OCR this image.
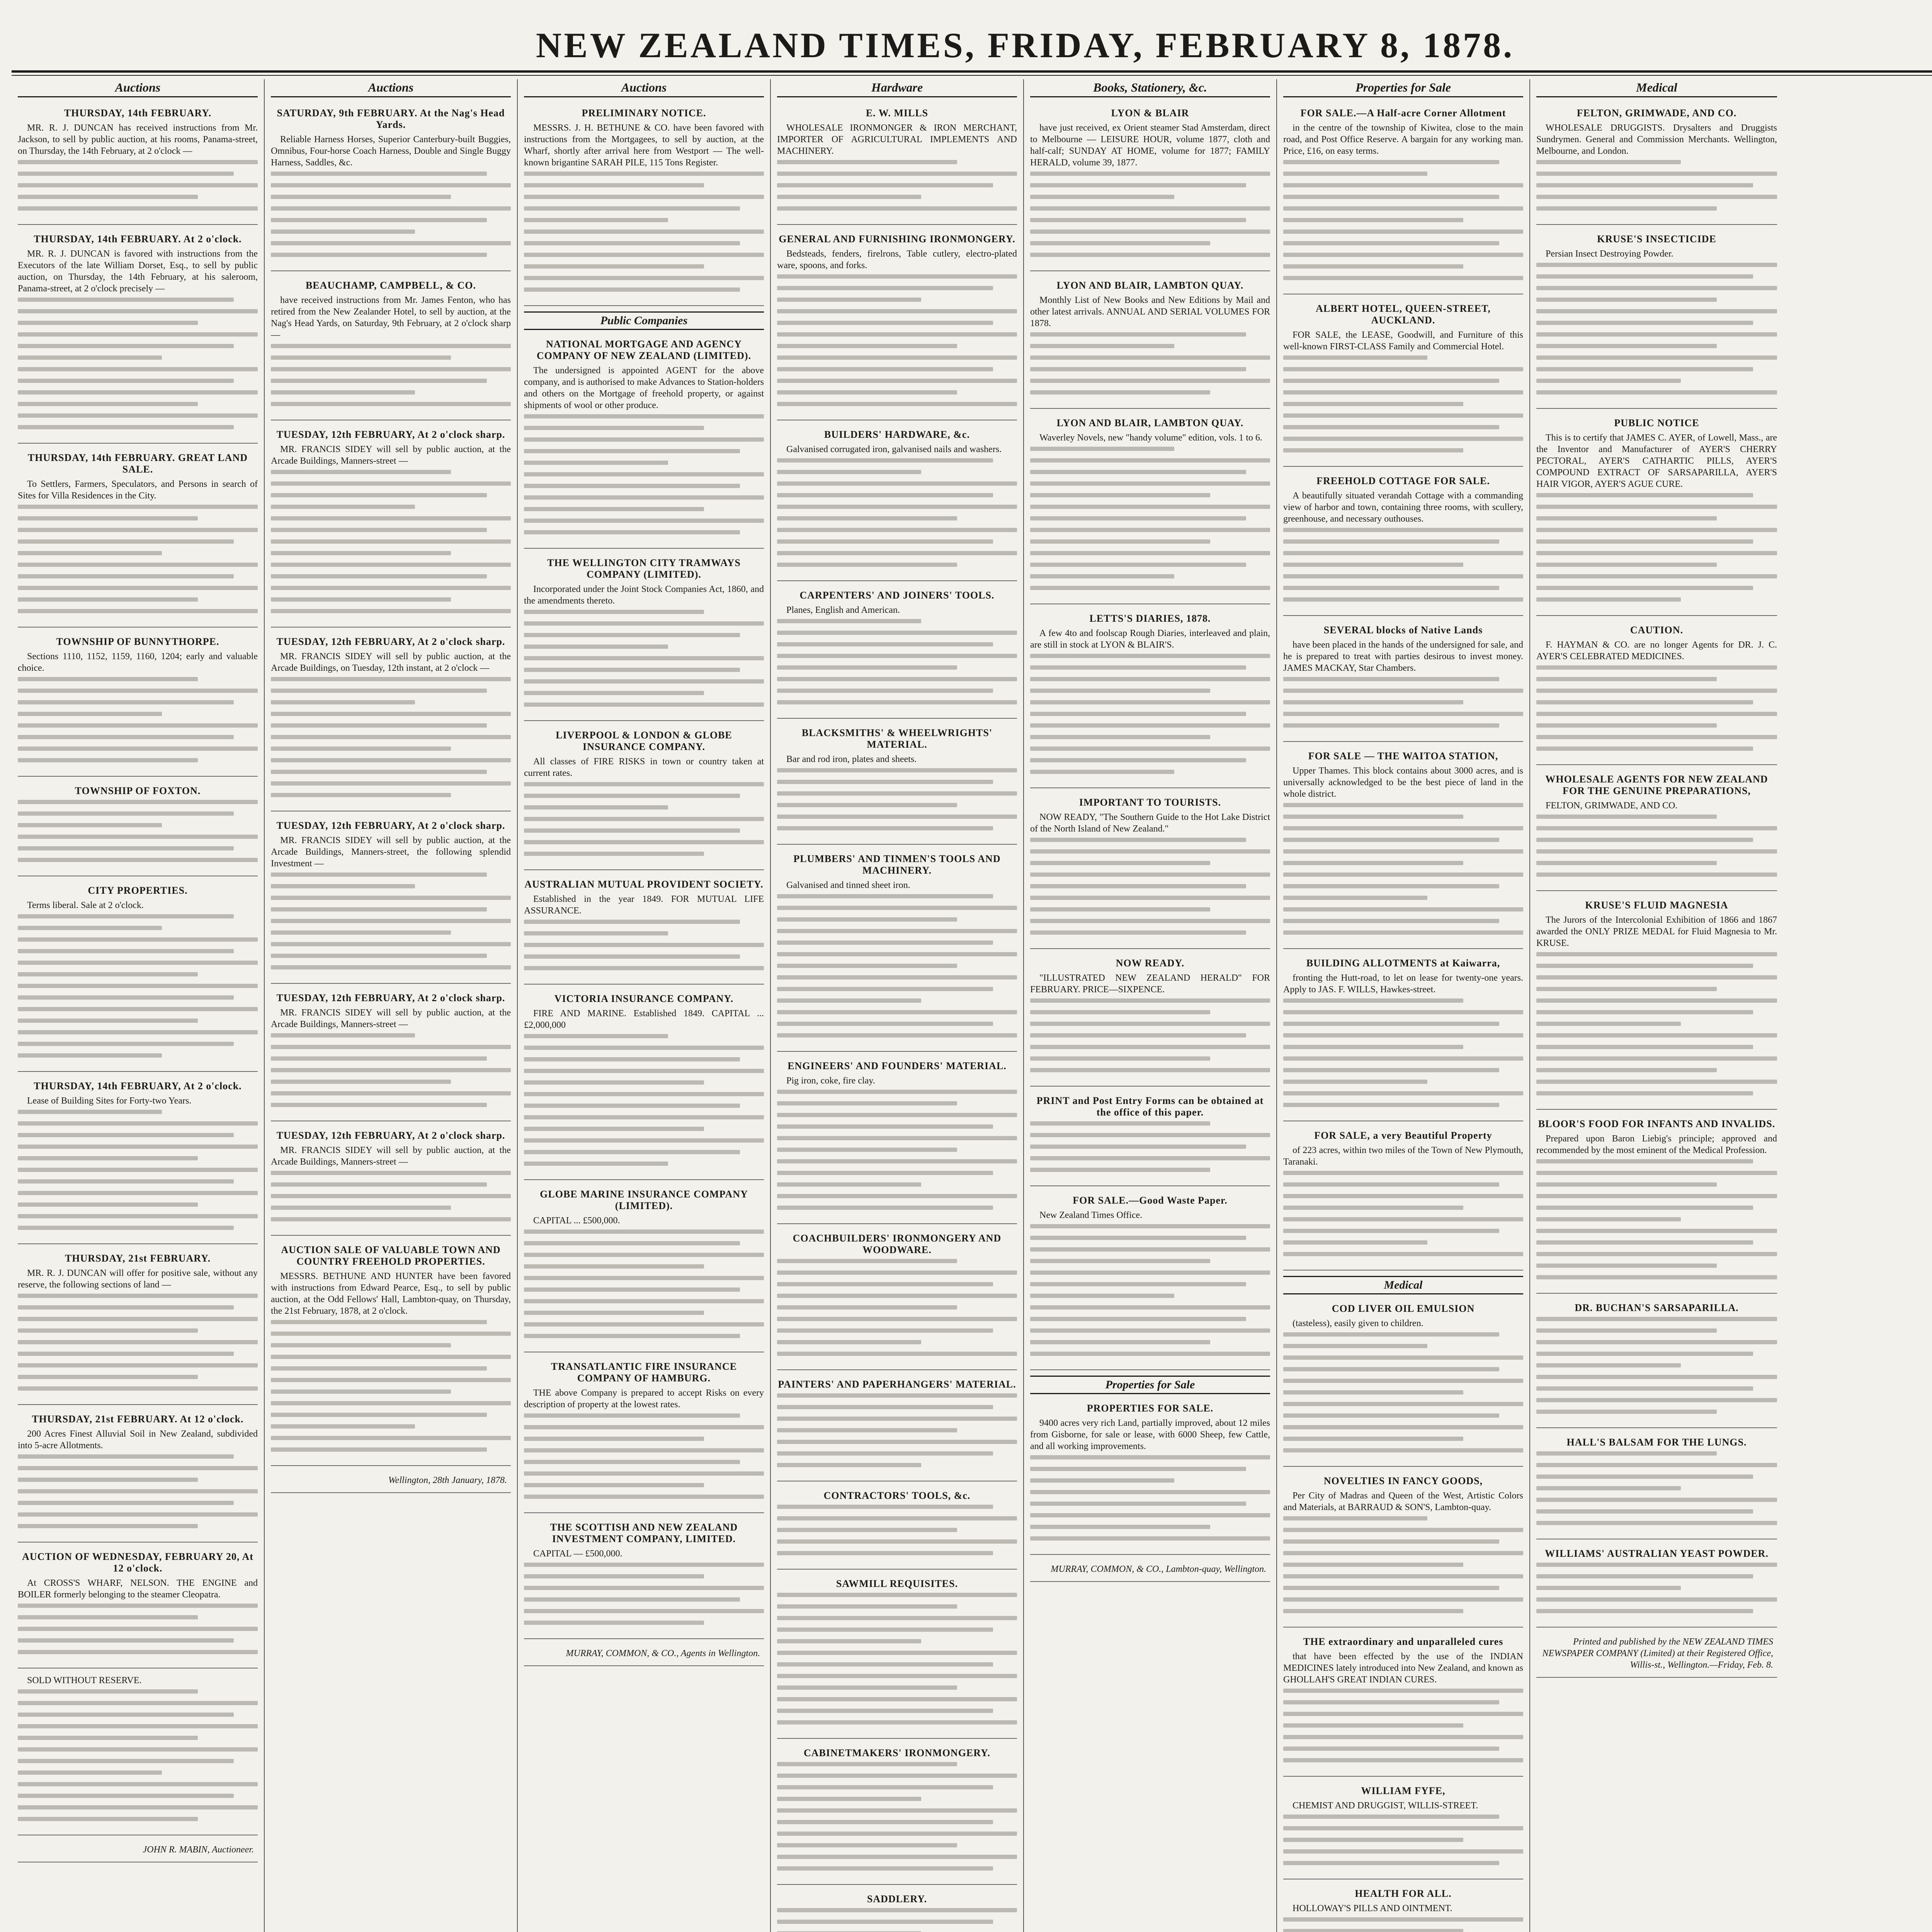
NEW ZEALAND TIMES, FRIDAY, FEBRUARY 8, 1878.
Auctions
THURSDAY, 14th FEBRUARY.

MR. R. J. DUNCAN has received instructions from Mr. Jackson, to sell by public auction, at his rooms, Panama-street, on Thursday, the 14th February, at 2 o'clock —

THURSDAY, 14th FEBRUARY. At 2 o'clock.

MR. R. J. DUNCAN is favored with instructions from the Executors of the late William Dorset, Esq., to sell by public auction, on Thursday, the 14th February, at his saleroom, Panama-street, at 2 o'clock precisely —

THURSDAY, 14th FEBRUARY. GREAT LAND SALE.

To Settlers, Farmers, Speculators, and Persons in search of Sites for Villa Residences in the City.

TOWNSHIP OF BUNNYTHORPE.

Sections 1110, 1152, 1159, 1160, 1204; early and valuable choice.

TOWNSHIP OF FOXTON.
CITY PROPERTIES.

Terms liberal. Sale at 2 o'clock.

THURSDAY, 14th FEBRUARY, At 2 o'clock.

Lease of Building Sites for Forty-two Years.

THURSDAY, 21st FEBRUARY.

MR. R. J. DUNCAN will offer for positive sale, without any reserve, the following sections of land —

THURSDAY, 21st FEBRUARY. At 12 o'clock.

200 Acres Finest Alluvial Soil in New Zealand, subdivided into 5-acre Allotments.

AUCTION OF WEDNESDAY, FEBRUARY 20, At 12 o'clock.

At CROSS'S WHARF, NELSON. THE ENGINE and BOILER formerly belonging to the steamer Cleopatra.

SOLD WITHOUT RESERVE.

JOHN R. MABIN, Auctioneer.

Auctions
SATURDAY, 9th FEBRUARY. At the Nag's Head Yards.

Reliable Harness Horses, Superior Canterbury-built Buggies, Omnibus, Four-horse Coach Harness, Double and Single Buggy Harness, Saddles, &c.

BEAUCHAMP, CAMPBELL, & CO.

have received instructions from Mr. James Fenton, who has retired from the New Zealander Hotel, to sell by auction, at the Nag's Head Yards, on Saturday, 9th February, at 2 o'clock sharp —

TUESDAY, 12th FEBRUARY, At 2 o'clock sharp.

MR. FRANCIS SIDEY will sell by public auction, at the Arcade Buildings, Manners-street —

TUESDAY, 12th FEBRUARY, At 2 o'clock sharp.

MR. FRANCIS SIDEY will sell by public auction, at the Arcade Buildings, on Tuesday, 12th instant, at 2 o'clock —

TUESDAY, 12th FEBRUARY, At 2 o'clock sharp.

MR. FRANCIS SIDEY will sell by public auction, at the Arcade Buildings, Manners-street, the following splendid Investment —

TUESDAY, 12th FEBRUARY, At 2 o'clock sharp.

MR. FRANCIS SIDEY will sell by public auction, at the Arcade Buildings, Manners-street —

TUESDAY, 12th FEBRUARY, At 2 o'clock sharp.

MR. FRANCIS SIDEY will sell by public auction, at the Arcade Buildings, Manners-street —

AUCTION SALE OF VALUABLE TOWN AND COUNTRY FREEHOLD PROPERTIES.

MESSRS. BETHUNE AND HUNTER have been favored with instructions from Edward Pearce, Esq., to sell by public auction, at the Odd Fellows' Hall, Lambton-quay, on Thursday, the 21st February, 1878, at 2 o'clock.

Wellington, 28th January, 1878.

Auctions
PRELIMINARY NOTICE.

MESSRS. J. H. BETHUNE & CO. have been favored with instructions from the Mortgagees, to sell by auction, at the Wharf, shortly after arrival here from Westport — The well-known brigantine SARAH PILE, 115 Tons Register.

Public Companies
NATIONAL MORTGAGE AND AGENCY COMPANY OF NEW ZEALAND (LIMITED).

The undersigned is appointed AGENT for the above company, and is authorised to make Advances to Station-holders and others on the Mortgage of freehold property, or against shipments of wool or other produce.

THE WELLINGTON CITY TRAMWAYS COMPANY (LIMITED).

Incorporated under the Joint Stock Companies Act, 1860, and the amendments thereto.

LIVERPOOL & LONDON & GLOBE INSURANCE COMPANY.

All classes of FIRE RISKS in town or country taken at current rates.

AUSTRALIAN MUTUAL PROVIDENT SOCIETY.

Established in the year 1849. FOR MUTUAL LIFE ASSURANCE.

VICTORIA INSURANCE COMPANY.

FIRE AND MARINE. Established 1849. CAPITAL ... £2,000,000

GLOBE MARINE INSURANCE COMPANY (LIMITED).

CAPITAL ... £500,000.

TRANSATLANTIC FIRE INSURANCE COMPANY OF HAMBURG.

THE above Company is prepared to accept Risks on every description of property at the lowest rates.

THE SCOTTISH AND NEW ZEALAND INVESTMENT COMPANY, LIMITED.

CAPITAL — £500,000.

MURRAY, COMMON, & CO., Agents in Wellington.

Hardware
E. W. MILLS

WHOLESALE IRONMONGER & IRON MERCHANT, IMPORTER OF AGRICULTURAL IMPLEMENTS AND MACHINERY.

GENERAL AND FURNISHING IRONMONGERY.

Bedsteads, fenders, firelrons, Table cutlery, electro-plated ware, spoons, and forks.

BUILDERS' HARDWARE, &c.

Galvanised corrugated iron, galvanised nails and washers.

CARPENTERS' AND JOINERS' TOOLS.

Planes, English and American.

BLACKSMITHS' & WHEELWRIGHTS' MATERIAL.

Bar and rod iron, plates and sheets.

PLUMBERS' AND TINMEN'S TOOLS AND MACHINERY.

Galvanised and tinned sheet iron.

ENGINEERS' AND FOUNDERS' MATERIAL.

Pig iron, coke, fire clay.

COACHBUILDERS' IRONMONGERY AND WOODWARE.
PAINTERS' AND PAPERHANGERS' MATERIAL.
CONTRACTORS' TOOLS, &c.
SAWMILL REQUISITES.
CABINETMAKERS' IRONMONGERY.
SADDLERY.

Books, Stationery, &c.
LYON & BLAIR

have just received, ex Orient steamer Stad Amsterdam, direct to Melbourne — LEISURE HOUR, volume 1877, cloth and half-calf; SUNDAY AT HOME, volume for 1877; FAMILY HERALD, volume 39, 1877.

LYON AND BLAIR, LAMBTON QUAY.

Monthly List of New Books and New Editions by Mail and other latest arrivals. ANNUAL AND SERIAL VOLUMES FOR 1878.

LYON AND BLAIR, LAMBTON QUAY.

Waverley Novels, new "handy volume" edition, vols. 1 to 6.

LETTS'S DIARIES, 1878.

A few 4to and foolscap Rough Diaries, interleaved and plain, are still in stock at LYON & BLAIR'S.

IMPORTANT TO TOURISTS.

NOW READY, "The Southern Guide to the Hot Lake District of the North Island of New Zealand."

NOW READY.

"ILLUSTRATED NEW ZEALAND HERALD" FOR FEBRUARY. PRICE—SIXPENCE.

PRINT and Post Entry Forms can be obtained at the office of this paper.
FOR SALE.—Good Waste Paper.

New Zealand Times Office.

Properties for Sale
PROPERTIES FOR SALE.

9400 acres very rich Land, partially improved, about 12 miles from Gisborne, for sale or lease, with 6000 Sheep, few Cattle, and all working improvements.

MURRAY, COMMON, & CO., Lambton-quay, Wellington.

Properties for Sale
FOR SALE.—A Half-acre Corner Allotment

in the centre of the township of Kiwitea, close to the main road, and Post Office Reserve. A bargain for any working man. Price, £16, on easy terms.

ALBERT HOTEL, QUEEN-STREET, AUCKLAND.

FOR SALE, the LEASE, Goodwill, and Furniture of this well-known FIRST-CLASS Family and Commercial Hotel.

FREEHOLD COTTAGE FOR SALE.

A beautifully situated verandah Cottage with a commanding view of harbor and town, containing three rooms, with scullery, greenhouse, and necessary outhouses.

SEVERAL blocks of Native Lands

have been placed in the hands of the undersigned for sale, and he is prepared to treat with parties desirous to invest money. JAMES MACKAY, Star Chambers.

FOR SALE — THE WAITOA STATION,

Upper Thames. This block contains about 3000 acres, and is universally acknowledged to be the best piece of land in the whole district.

BUILDING ALLOTMENTS at Kaiwarra,

fronting the Hutt-road, to let on lease for twenty-one years. Apply to JAS. F. WILLS, Hawkes-street.

FOR SALE, a very Beautiful Property

of 223 acres, within two miles of the Town of New Plymouth, Taranaki.

Medical
COD LIVER OIL EMULSION

(tasteless), easily given to children.

NOVELTIES IN FANCY GOODS,

Per City of Madras and Queen of the West, Artistic Colors and Materials, at BARRAUD & SON'S, Lambton-quay.

THE extraordinary and unparalleled cures

that have been effected by the use of the INDIAN MEDICINES lately introduced into New Zealand, and known as GHOLLAH'S GREAT INDIAN CURES.

WILLIAM FYFE,

CHEMIST AND DRUGGIST, WILLIS-STREET.

HEALTH FOR ALL.

HOLLOWAY'S PILLS AND OINTMENT.

Medical
FELTON, GRIMWADE, AND CO.

WHOLESALE DRUGGISTS. Drysalters and Druggists Sundrymen. General and Commission Merchants. Wellington, Melbourne, and London.

KRUSE'S INSECTICIDE

Persian Insect Destroying Powder.

PUBLIC NOTICE

This is to certify that JAMES C. AYER, of Lowell, Mass., are the Inventor and Manufacturer of AYER'S CHERRY PECTORAL, AYER'S CATHARTIC PILLS, AYER'S COMPOUND EXTRACT OF SARSAPARILLA, AYER'S HAIR VIGOR, AYER'S AGUE CURE.

CAUTION.

F. HAYMAN & CO. are no longer Agents for DR. J. C. AYER'S CELEBRATED MEDICINES.

WHOLESALE AGENTS FOR NEW ZEALAND FOR THE GENUINE PREPARATIONS,

FELTON, GRIMWADE, AND CO.

KRUSE'S FLUID MAGNESIA

The Jurors of the Intercolonial Exhibition of 1866 and 1867 awarded the ONLY PRIZE MEDAL for Fluid Magnesia to Mr. KRUSE.

BLOOR'S FOOD FOR INFANTS AND INVALIDS.

Prepared upon Baron Liebig's principle; approved and recommended by the most eminent of the Medical Profession.

DR. BUCHAN'S SARSAPARILLA.
HALL'S BALSAM FOR THE LUNGS.
WILLIAMS' AUSTRALIAN YEAST POWDER.

Printed and published by the NEW ZEALAND TIMES NEWSPAPER COMPANY (Limited) at their Registered Office, Willis-st., Wellington.—Friday, Feb. 8.
